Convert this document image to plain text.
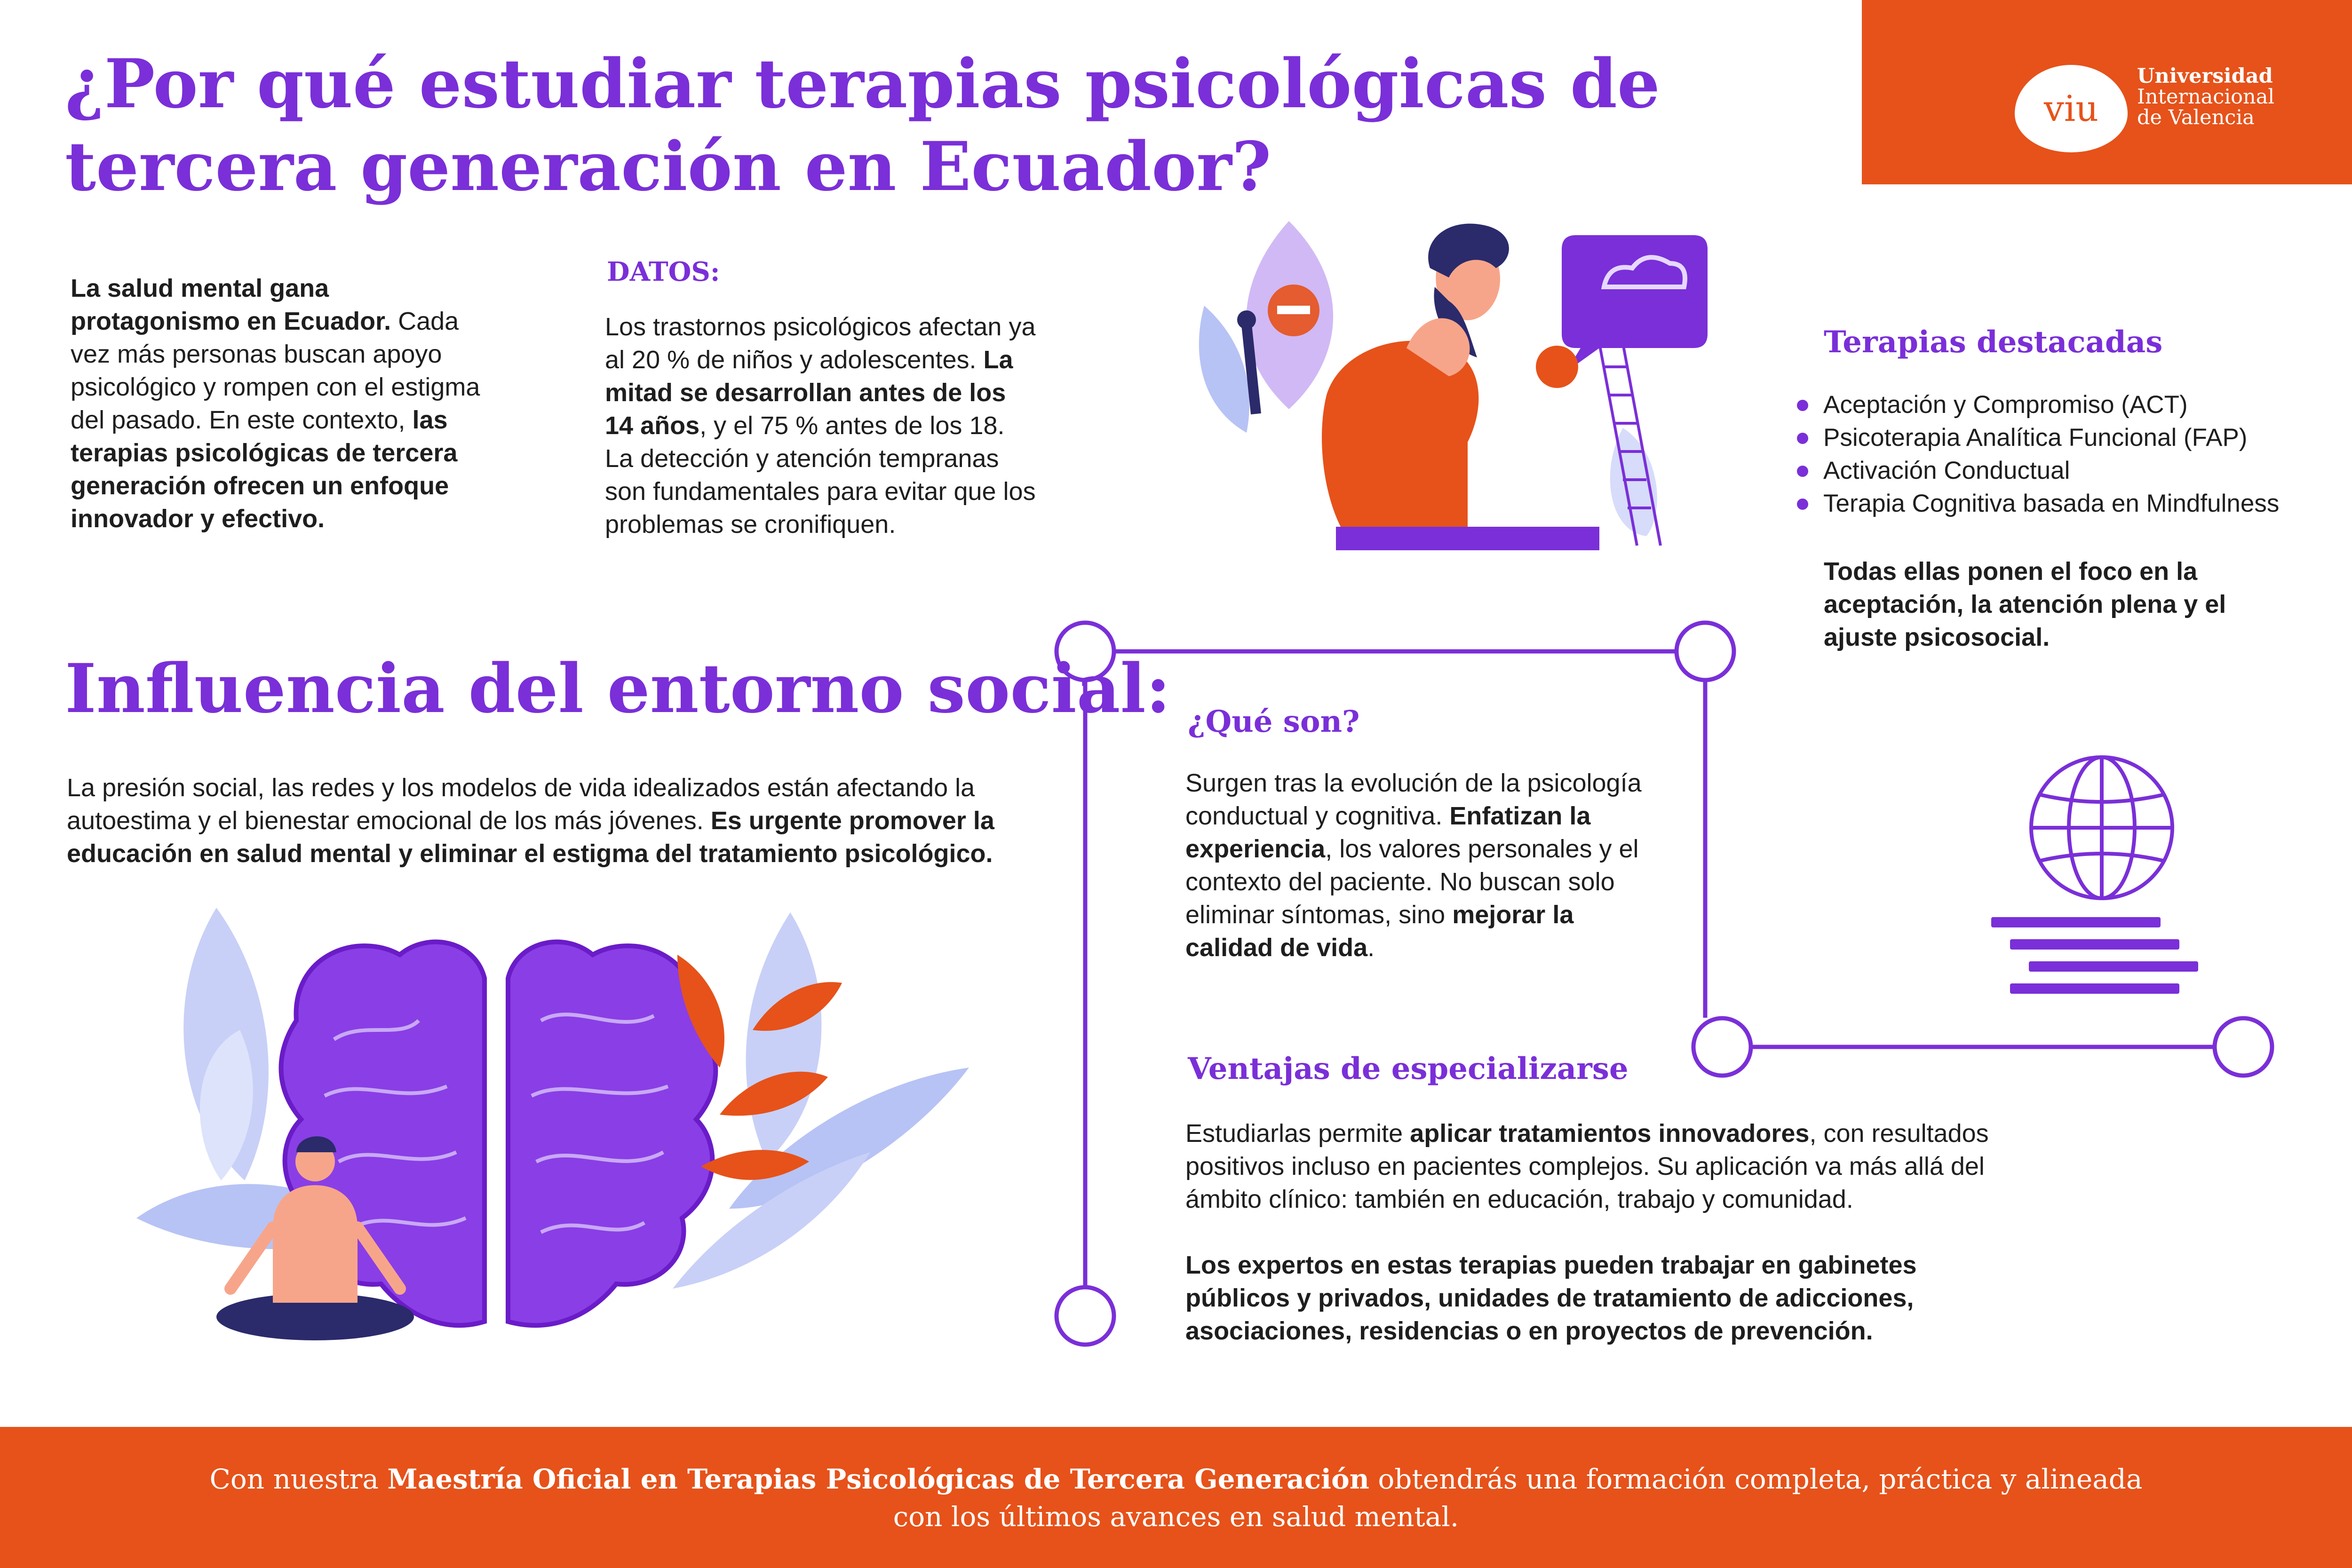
¿Por qué estudiar terapias psicológicas de tercera generación en Ecuador?
viu
Universidad
Internacional
de Valencia

La salud mental gana protagonismo en Ecuador. Cada vez más personas buscan apoyo psicológico y rompen con el estigma del pasado. En este contexto, las terapias psicológicas de tercera generación ofrecen un enfoque innovador y efectivo.

DATOS:

Los trastornos psicológicos afectan ya al 20 % de niños y adolescentes. La mitad se desarrollan antes de los 14 años, y el 75 % antes de los 18. La detección y atención tempranas son fundamentales para evitar que los problemas se cronifiquen.

Terapias destacadas
Aceptación y Compromiso (ACT)
Psicoterapia Analítica Funcional (FAP)
Activación Conductual
Terapia Cognitiva basada en Mindfulness

Todas ellas ponen el foco en la aceptación, la atención plena y el ajuste psicosocial.

Influencia del entorno social:

La presión social, las redes y los modelos de vida idealizados están afectando la autoestima y el bienestar emocional de los más jóvenes. Es urgente promover la educación en salud mental y eliminar el estigma del tratamiento psicológico.

¿Qué son?

Surgen tras la evolución de la psicología conductual y cognitiva. Enfatizan la experiencia, los valores personales y el contexto del paciente. No buscan solo eliminar síntomas, sino mejorar la calidad de vida.

Ventajas de especializarse

Estudiarlas permite aplicar tratamientos innovadores, con resultados positivos incluso en pacientes complejos. Su aplicación va más allá del ámbito clínico: también en educación, trabajo y comunidad.

Los expertos en estas terapias pueden trabajar en gabinetes públicos y privados, unidades de tratamiento de adicciones, asociaciones, residencias o en proyectos de prevención.

Con nuestra Maestría Oficial en Terapias Psicológicas de Tercera Generación obtendrás una formación completa, práctica y alineada con los últimos avances en salud mental.
